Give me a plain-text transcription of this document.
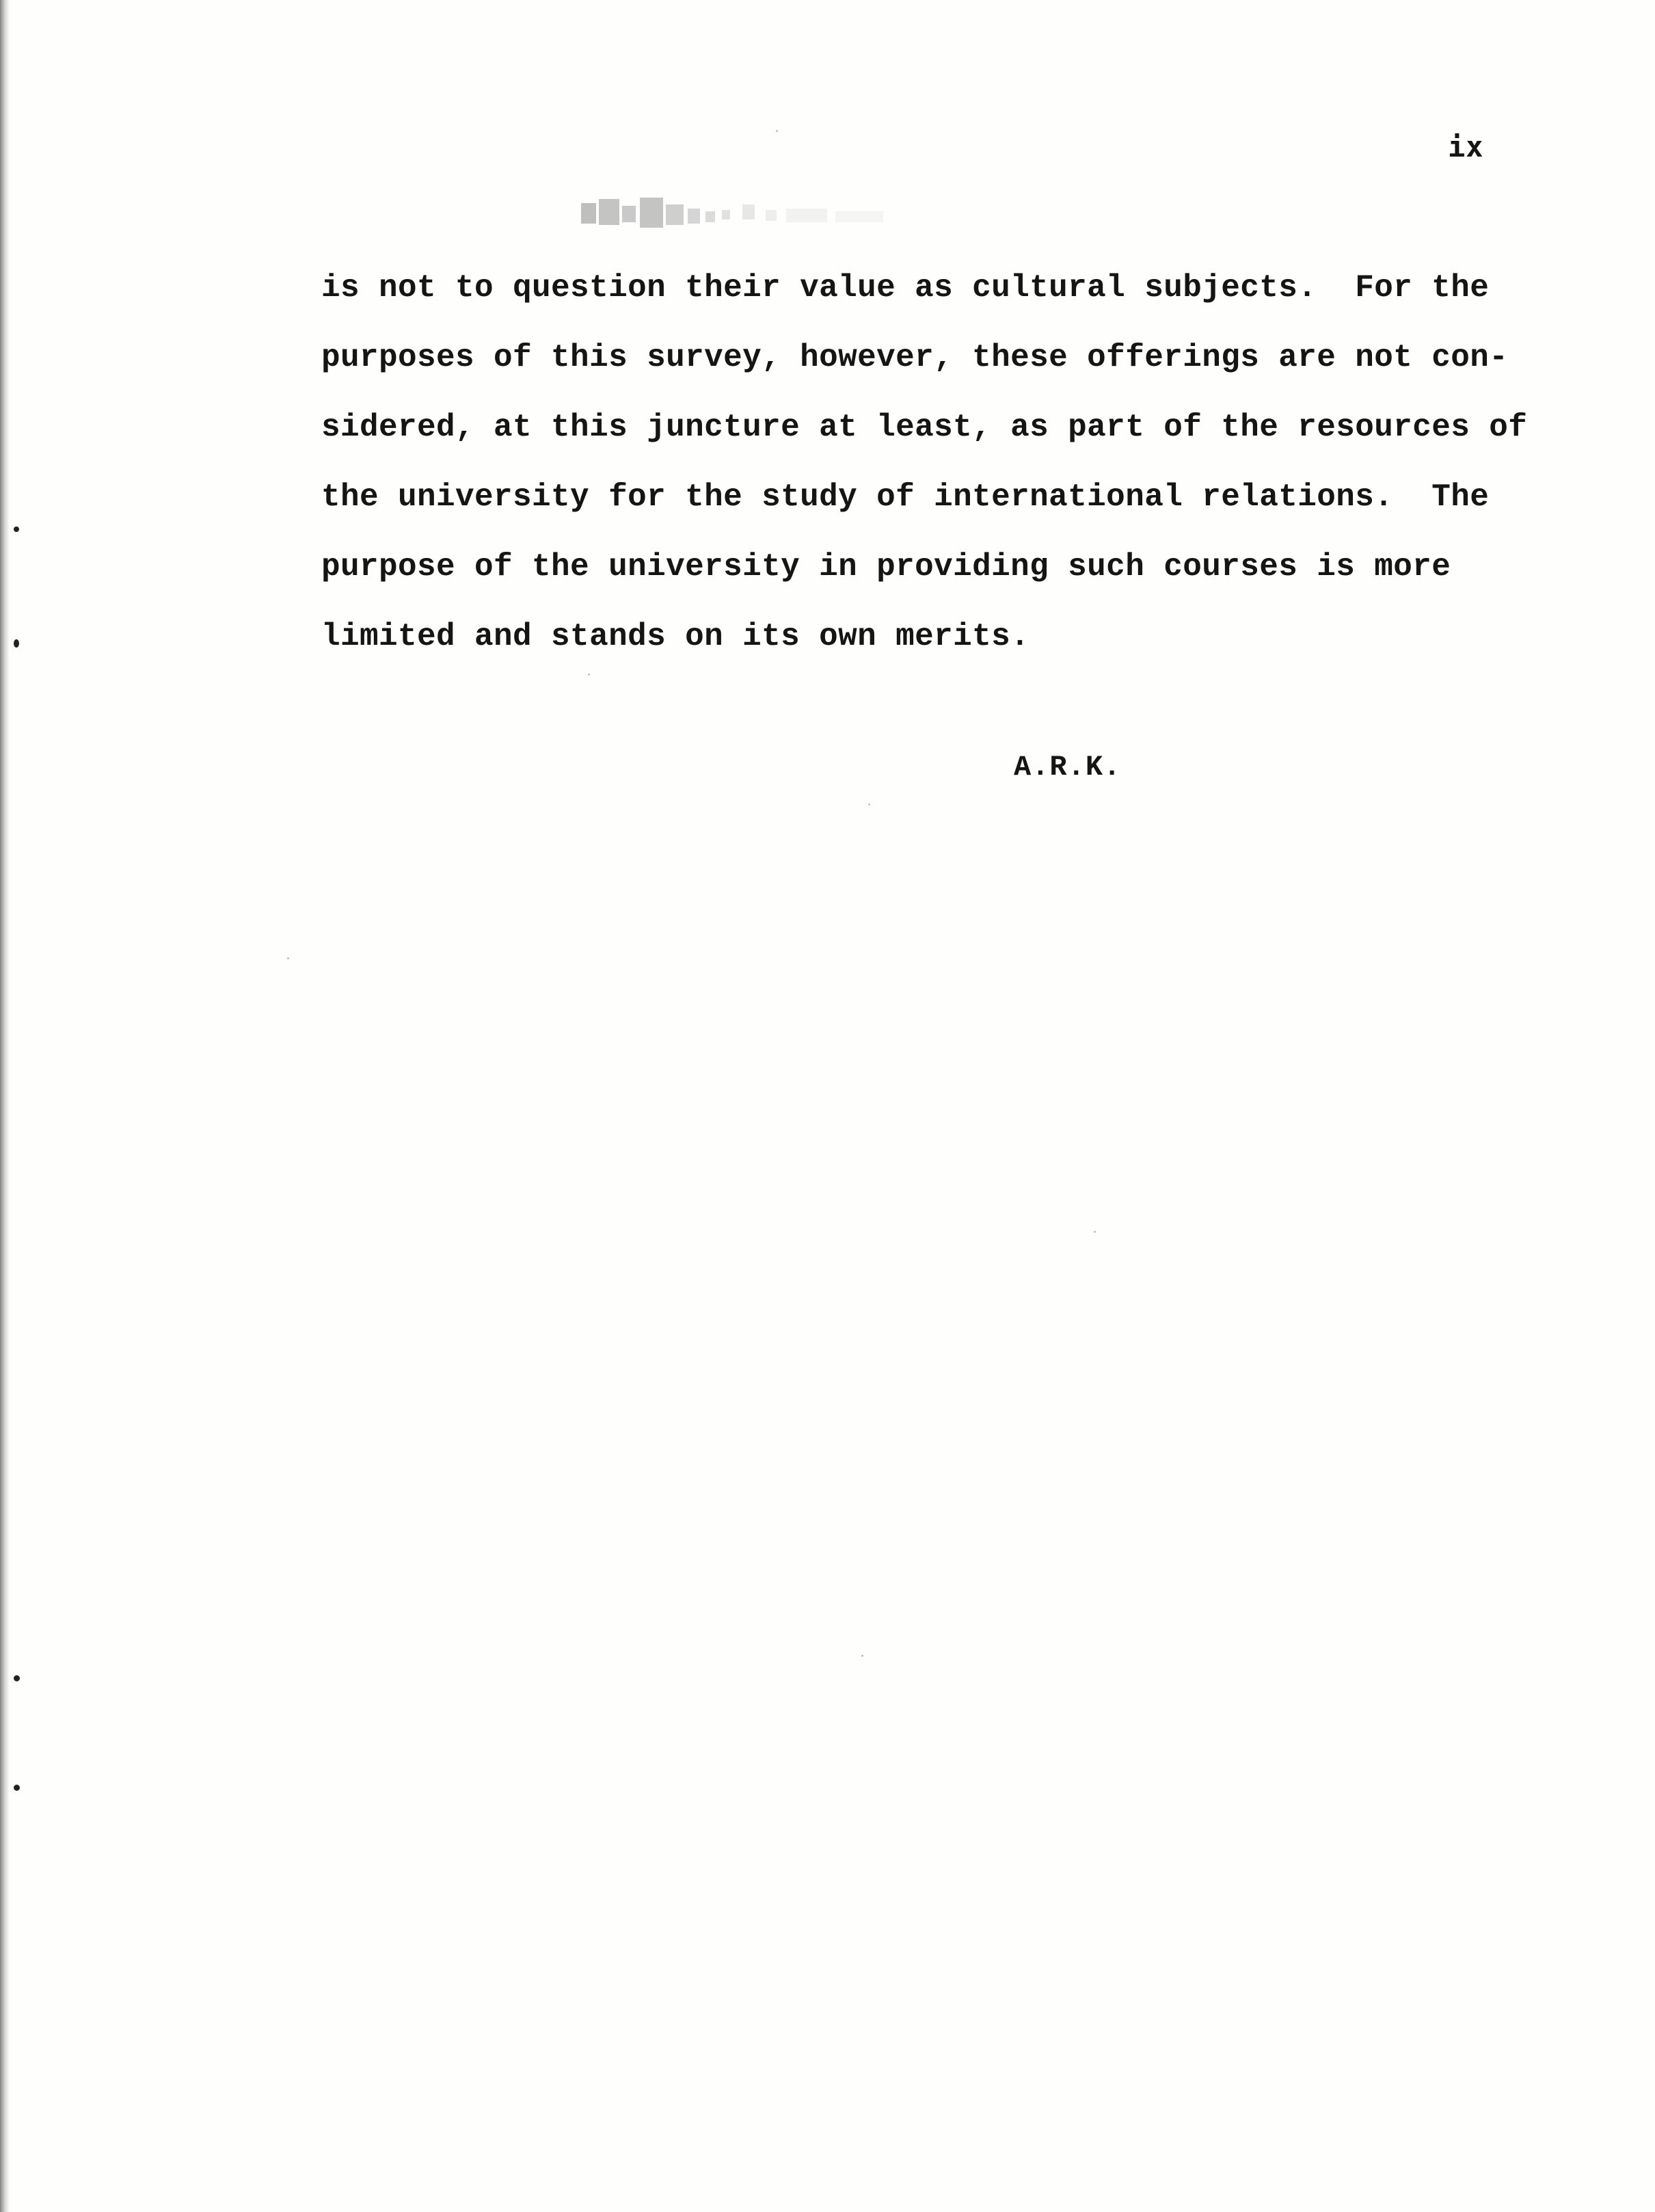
ix
is not to question their value as cultural subjects.  For the
purposes of this survey, however, these offerings are not con-
sidered, at this juncture at least, as part of the resources of
the university for the study of international relations.  The
purpose of the university in providing such courses is more
limited and stands on its own merits.
A.R.K.
